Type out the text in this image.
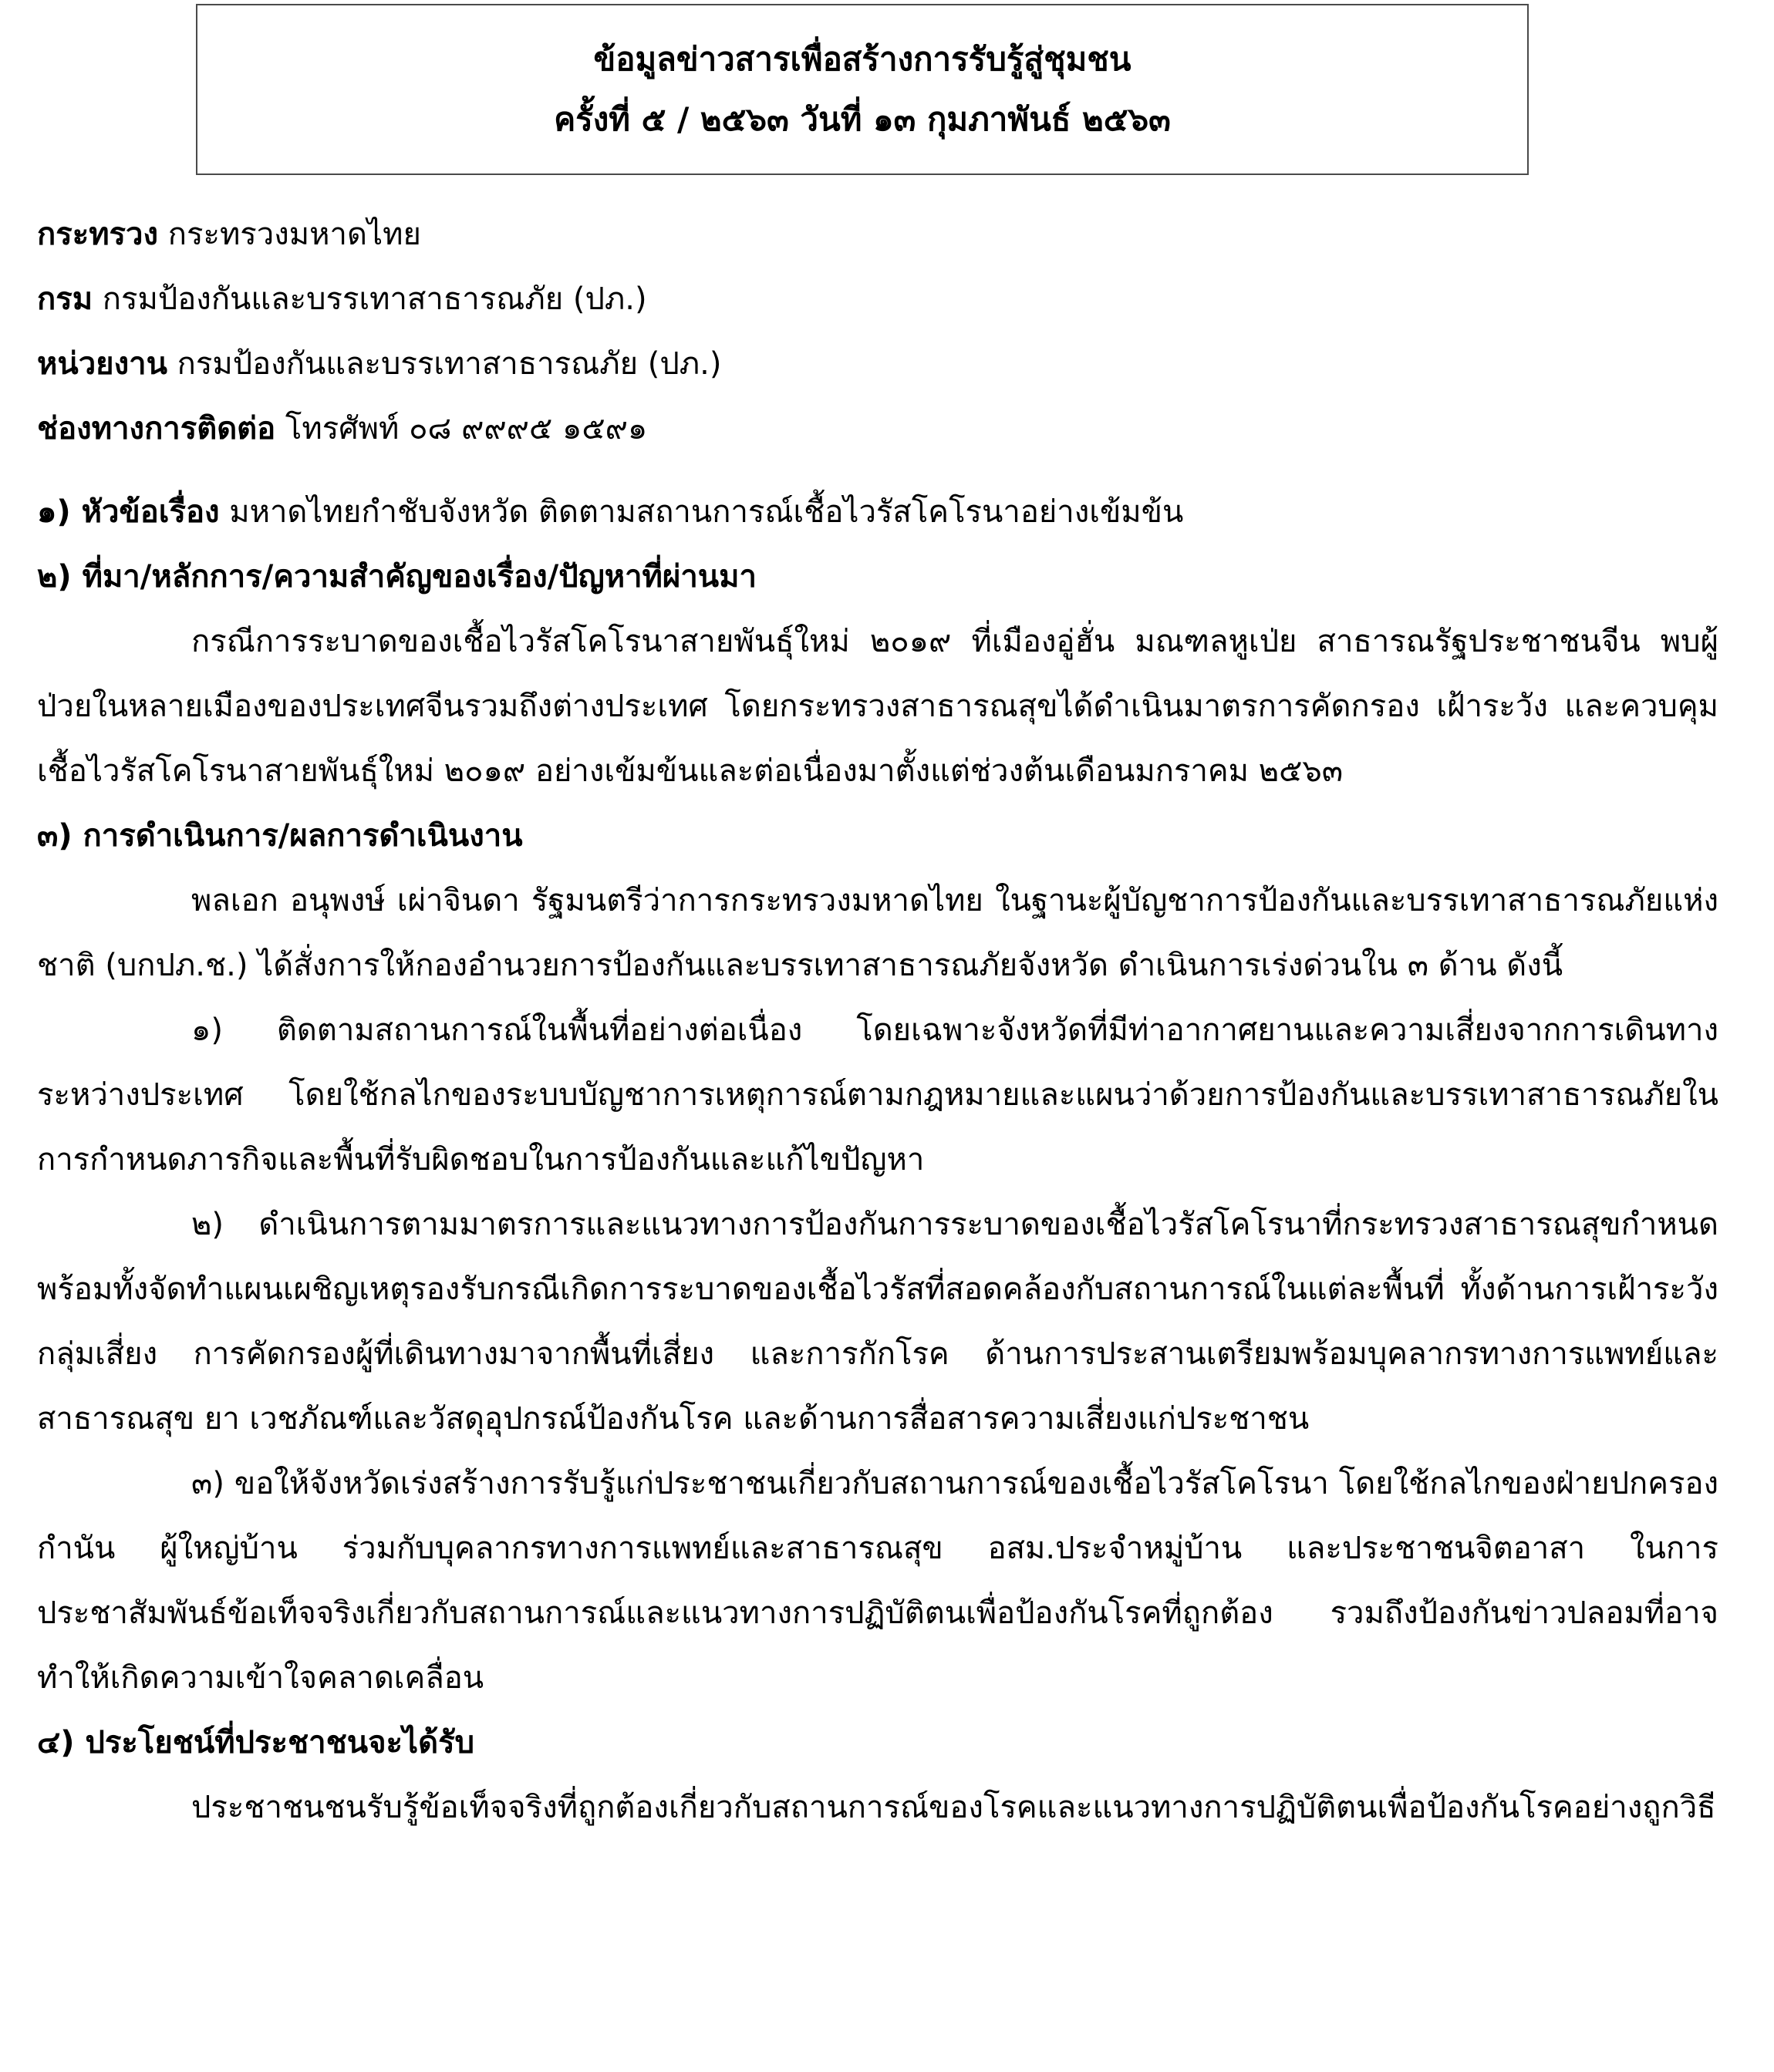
ข้อมูลข่าวสารเพื่อสร้างการรับรู้สู่ชุมชน
ครั้งที่ ๕ / ๒๕๖๓ วันที่ ๑๓ กุมภาพันธ์ ๒๕๖๓
กระทรวง กระทรวงมหาดไทย
กรม กรมป้องกันและบรรเทาสาธารณภัย (ปภ.)
หน่วยงาน กรมป้องกันและบรรเทาสาธารณภัย (ปภ.)
ช่องทางการติดต่อ โทรศัพท์ ๐๘ ๙๙๙๕ ๑๕๙๑
๑) หัวข้อเรื่อง มหาดไทยกำชับจังหวัด ติดตามสถานการณ์เชื้อไวรัสโคโรนาอย่างเข้มข้น
๒) ที่มา/หลักการ/ความสำคัญของเรื่อง/ปัญหาที่ผ่านมา
กรณีการระบาดของเชื้อไวรัสโคโรนาสายพันธุ์ใหม่ ๒๐๑๙ ที่เมืองอู่ฮั่น มณฑลหูเป่ย สาธารณรัฐประชาชนจีน พบผู้ป่วยในหลายเมืองของประเทศจีนรวมถึงต่างประเทศ โดยกระทรวงสาธารณสุขได้ดำเนินมาตรการคัดกรอง เฝ้าระวัง และควบคุมเชื้อไวรัสโคโรนาสายพันธุ์ใหม่ ๒๐๑๙ อย่างเข้มข้นและต่อเนื่องมาตั้งแต่ช่วงต้นเดือนมกราคม ๒๕๖๓
๓) การดำเนินการ/ผลการดำเนินงาน
พลเอก อนุพงษ์ เผ่าจินดา รัฐมนตรีว่าการกระทรวงมหาดไทย ในฐานะผู้บัญชาการป้องกันและบรรเทาสาธารณภัยแห่งชาติ (บกปภ.ช.) ได้สั่งการให้กองอำนวยการป้องกันและบรรเทาสาธารณภัยจังหวัด ดำเนินการเร่งด่วนใน ๓ ด้าน ดังนี้
๑) ติดตามสถานการณ์ในพื้นที่อย่างต่อเนื่อง โดยเฉพาะจังหวัดที่มีท่าอากาศยานและความเสี่ยงจากการเดินทางระหว่างประเทศ โดยใช้กลไกของระบบบัญชาการเหตุการณ์ตามกฎหมายและแผนว่าด้วยการป้องกันและบรรเทาสาธารณภัยในการกำหนดภารกิจและพื้นที่รับผิดชอบในการป้องกันและแก้ไขปัญหา
๒) ดำเนินการตามมาตรการและแนวทางการป้องกันการระบาดของเชื้อไวรัสโคโรนาที่กระทรวงสาธารณสุขกำหนด พร้อมทั้งจัดทำแผนเผชิญเหตุรองรับกรณีเกิดการระบาดของเชื้อไวรัสที่สอดคล้องกับสถานการณ์ในแต่ละพื้นที่ ทั้งด้านการเฝ้าระวังกลุ่มเสี่ยง การคัดกรองผู้ที่เดินทางมาจากพื้นที่เสี่ยง และการกักโรค ด้านการประสานเตรียมพร้อมบุคลากรทางการแพทย์และสาธารณสุข ยา เวชภัณฑ์และวัสดุอุปกรณ์ป้องกันโรค และด้านการสื่อสารความเสี่ยงแก่ประชาชน
๓) ขอให้จังหวัดเร่งสร้างการรับรู้แก่ประชาชนเกี่ยวกับสถานการณ์ของเชื้อไวรัสโคโรนา โดยใช้กลไกของฝ่ายปกครอง กำนัน ผู้ใหญ่บ้าน ร่วมกับบุคลากรทางการแพทย์และสาธารณสุข อสม.ประจำหมู่บ้าน และประชาชนจิตอาสา ในการประชาสัมพันธ์ข้อเท็จจริงเกี่ยวกับสถานการณ์และแนวทางการปฏิบัติตนเพื่อป้องกันโรคที่ถูกต้อง รวมถึงป้องกันข่าวปลอมที่อาจทำให้เกิดความเข้าใจคลาดเคลื่อน
๔) ประโยชน์ที่ประชาชนจะได้รับ
ประชาชนชนรับรู้ข้อเท็จจริงที่ถูกต้องเกี่ยวกับสถานการณ์ของโรคและแนวทางการปฏิบัติตนเพื่อป้องกันโรคอย่างถูกวิธี
